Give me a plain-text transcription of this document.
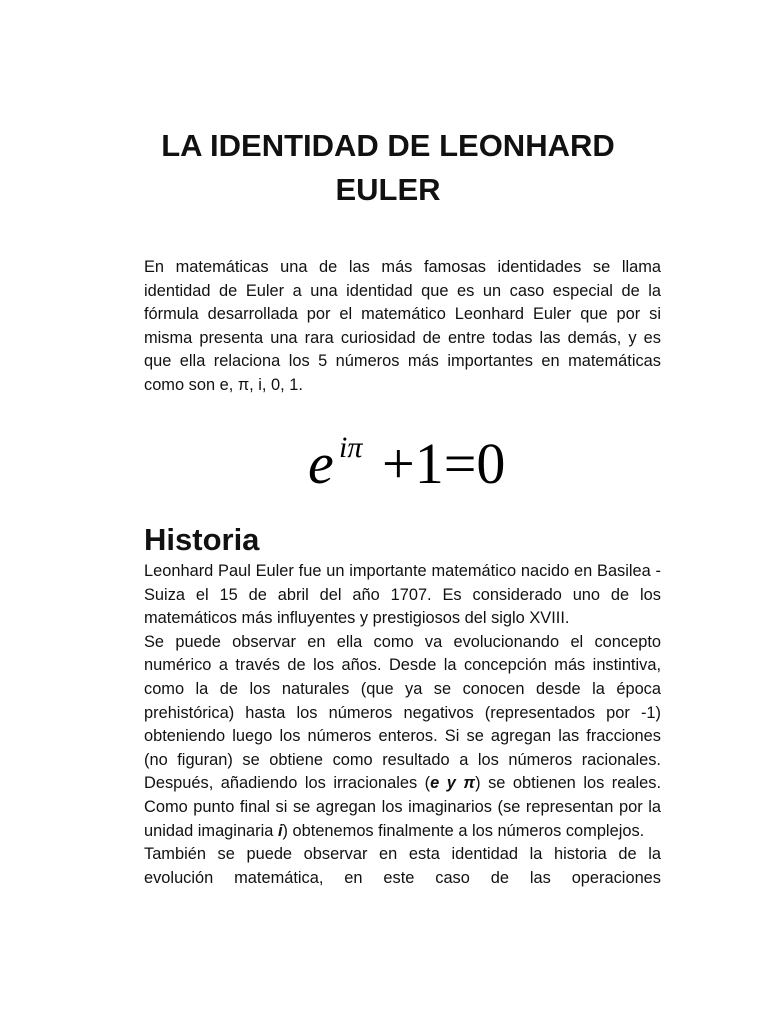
LA IDENTIDAD DE LEONHARD EULER
En matemáticas una de las más famosas identidades se llama identidad de Euler a una identidad que es un caso especial de la fórmula desarrollada por el matemático Leonhard Euler que por si misma presenta una rara curiosidad de entre todas las demás, y es que ella relaciona los 5 números más importantes en matemáticas como son e, π, i, 0, 1.
e iπ +1=0
Historia

Leonhard Paul Euler fue un importante matemático nacido en Basilea - Suiza el 15 de abril del año 1707. Es considerado uno de los matemáticos más influyentes y prestigiosos del siglo XVIII.

Se puede observar en ella como va evolucionando el concepto numérico a través de los años. Desde la concepción más instintiva, como la de los naturales (que ya se conocen desde la época prehistórica) hasta los números negativos (representados por -1) obteniendo luego los números enteros. Si se agregan las fracciones (no figuran) se obtiene como resultado a los números racionales. Después, añadiendo los irracionales (e y π) se obtienen los reales. Como punto final si se agregan los imaginarios (se representan por la unidad imaginaria i) obtenemos finalmente a los números complejos.

También se puede observar en esta identidad la historia de la evolución matemática, en este caso de las operaciones
